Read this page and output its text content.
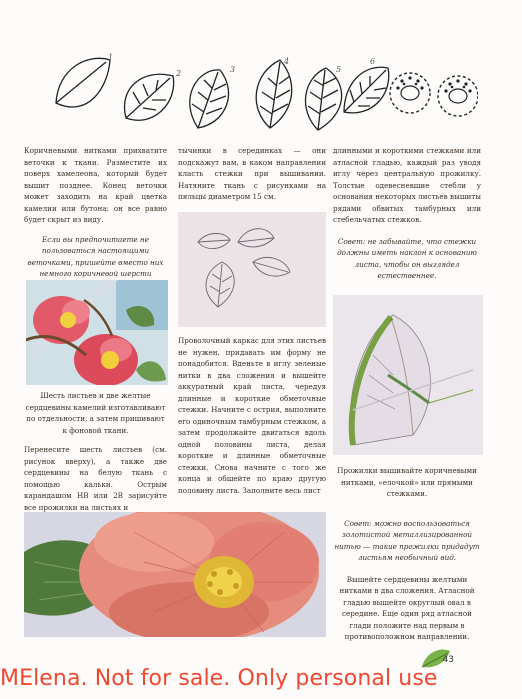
1
2	3
4
5
6

Коричневыми нитками прихватите веточки к ткани. Разместите их поверх хамелеона, который будет вышит позднее. Конец веточки может заходить на край цветка камелии или бутона: он все равно будет скрыт из виду.

Если вы предпочитаете не пользоваться настоящими веточками, пришейте вместо них немного коричневой шерсти

Шесть листьев и две желтые сердцевины камелий изготавливают по отдельности, а затем пришивают к фоновой ткани.

Перенесите шесть листьев (см. рисунок вверху), а также две сердцевины на белую ткань с помощью кальки. Острым карандашом HB или 2B зарисуйте все прожилки на листьях и

тычинки в серединках — они подскажут вам, в каком направлении класть стежки при вышивании. Натяните ткань с рисунками на пяльцы диаметром 15 см.

Проволочный каркас для этих листьев не нужен, придавать им форму не понадобится. Вденьте в иглу зеленые нитки в два сложения и вышейте аккуратный край листа, чередуя длинные и короткие обметочные стежки. Начните с острия, выполните его одиночным тамбурным стежком, а затем продолжайте двигаться вдоль одной половины листа, делая короткие и длинные обметочные стежки. Снова начните с того же конца и обшейте по краю другую половину листа. Заполните весь лист

длинными и короткими стежками или атласной гладью, каждый раз уводя иглу через центральную прожилку. Толстые одевесневшие стебли у основания некоторых листьев вышиты рядами обвитых тамбурных или стебельчатых стежков.

Совет: не забывайте, что стежки должны иметь наклон к основанию листа, чтобы он выглядел естественнее.

Прожилки вышивайте коричневыми нитками, «елочкой» или прямыми стежками.

Совет: можно воспользоваться золотистой металлизированной нитью — такие прожилки придадут листьям необычный вид.

Вышейте сердцевины желтыми нитками в два сложения. Атласной гладью вышейте округлый овал в середине. Еще один ряд атласной глади положите над первым в противоположном направлении.

43
MElena. Not for sale. Only personal use
